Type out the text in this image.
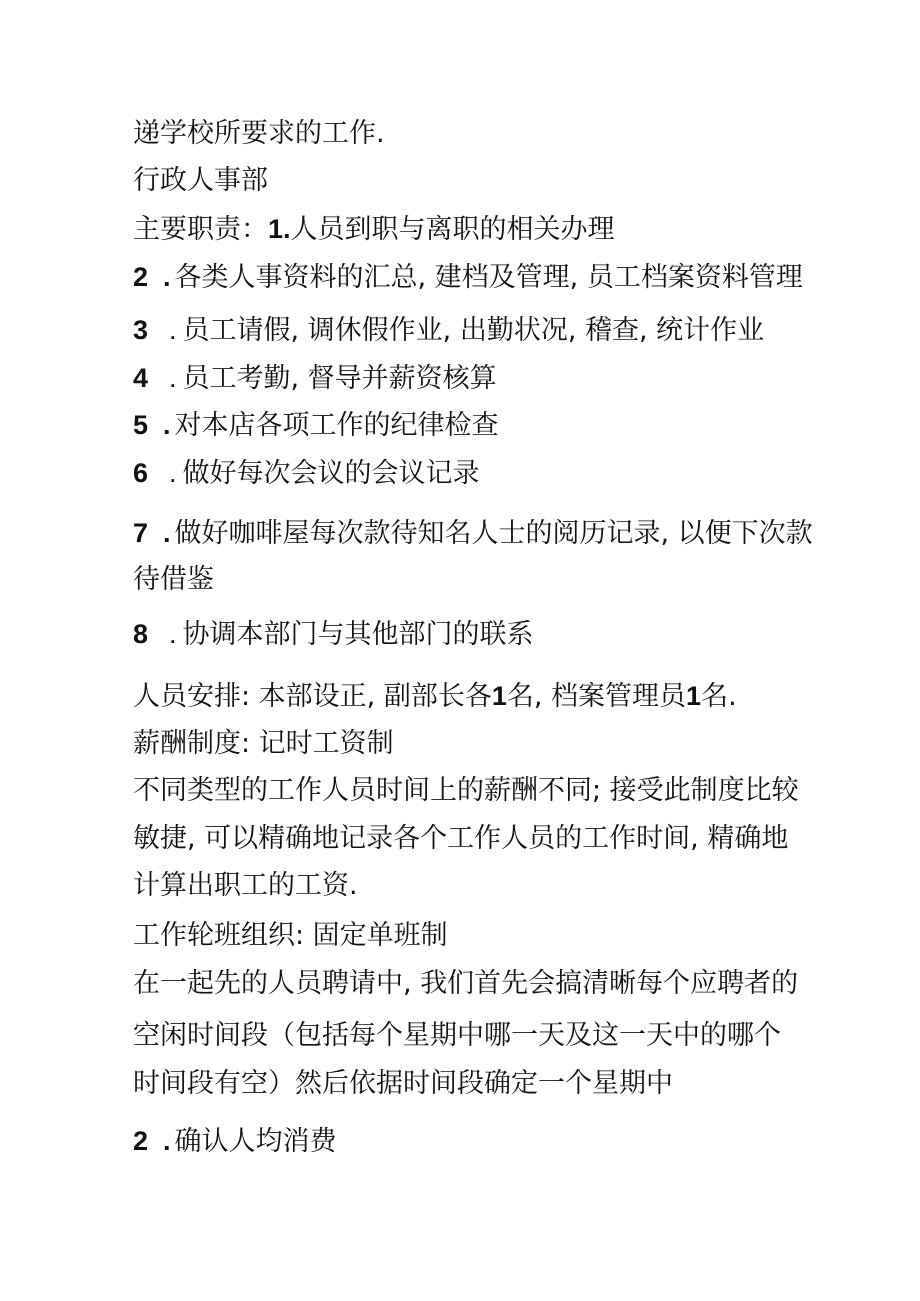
递学校所要求的工作.
行政人事部
主要职责：1.人员到职与离职的相关办理
2 . 各类人事资料的汇总, 建档及管理, 员工档案资料管理
3 . 员工请假, 调休假作业, 出勤状况, 稽查, 统计作业
4 . 员工考勤, 督导并薪资核算
5 . 对本店各项工作的纪律检查
6 . 做好每次会议的会议记录
7 . 做好咖啡屋每次款待知名人士的阅历记录, 以便下次款
待借鉴
8 . 协调本部门与其他部门的联系
人员安排: 本部设正, 副部长各1名, 档案管理员1名.
薪酬制度: 记时工资制
不同类型的工作人员时间上的薪酬不同; 接受此制度比较
敏捷, 可以精确地记录各个工作人员的工作时间, 精确地
计算出职工的工资.
工作轮班组织: 固定单班制
在一起先的人员聘请中, 我们首先会搞清晰每个应聘者的
空闲时间段（包括每个星期中哪一天及这一天中的哪个
时间段有空）然后依据时间段确定一个星期中
2 . 确认人均消费
